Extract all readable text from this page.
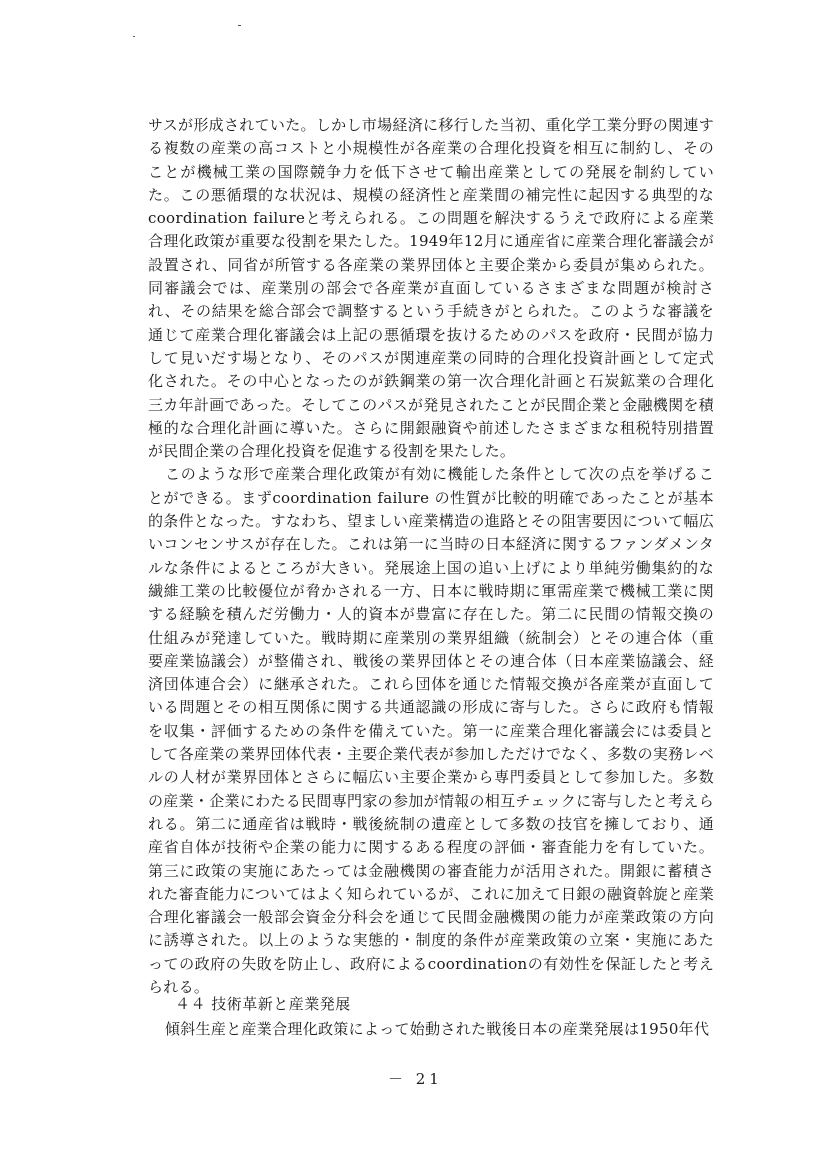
サスが形成されていた。しかし市場経済に移行した当初、重化学工業分野の関連する複数の産業の高コストと小規模性が各産業の合理化投資を相互に制約し、そのことが機械工業の国際競争力を低下させて輸出産業としての発展を制約していた。この悪循環的な状況は、規模の経済性と産業間の補完性に起因する典型的なcoordination failureと考えられる。この問題を解決するうえで政府による産業合理化政策が重要な役割を果たした。1949年12月に通産省に産業合理化審議会が設置され、同省が所管する各産業の業界団体と主要企業から委員が集められた。同審議会では、産業別の部会で各産業が直面しているさまざまな問題が検討され、その結果を総合部会で調整するという手続きがとられた。このような審議を通じて産業合理化審議会は上記の悪循環を抜けるためのパスを政府・民間が協力して見いだす場となり、そのパスが関連産業の同時的合理化投資計画として定式化された。その中心となったのが鉄鋼業の第一次合理化計画と石炭鉱業の合理化三カ年計画であった。そしてこのパスが発見されたことが民間企業と金融機関を積極的な合理化計画に導いた。さらに開銀融資や前述したさまざまな租税特別措置が民間企業の合理化投資を促進する役割を果たした。

このような形で産業合理化政策が有効に機能した条件として次の点を挙げることができる。まずcoordination failure の性質が比較的明確であったことが基本的条件となった。すなわち、望ましい産業構造の進路とその阻害要因について幅広いコンセンサスが存在した。これは第一に当時の日本経済に関するファンダメンタルな条件によるところが大きい。発展途上国の追い上げにより単純労働集約的な繊維工業の比較優位が脅かされる一方、日本に戦時期に軍需産業で機械工業に関する経験を積んだ労働力・人的資本が豊富に存在した。第二に民間の情報交換の仕組みが発達していた。戦時期に産業別の業界組織（統制会）とその連合体（重要産業協議会）が整備され、戦後の業界団体とその連合体（日本産業協議会、経済団体連合会）に継承された。これら団体を通じた情報交換が各産業が直面している問題とその相互関係に関する共通認識の形成に寄与した。さらに政府も情報を収集・評価するための条件を備えていた。第一に産業合理化審議会には委員として各産業の業界団体代表・主要企業代表が参加しただけでなく、多数の実務レベルの人材が業界団体とさらに幅広い主要企業から専門委員として参加した。多数の産業・企業にわたる民間専門家の参加が情報の相互チェックに寄与したと考えられる。第二に通産省は戦時・戦後統制の遺産として多数の技官を擁しており、通産省自体が技術や企業の能力に関するある程度の評価・審査能力を有していた。第三に政策の実施にあたっては金融機関の審査能力が活用された。開銀に蓄積された審査能力についてはよく知られているが、これに加えて日銀の融資斡旋と産業合理化審議会一般部会資金分科会を通じて民間金融機関の能力が産業政策の方向に誘導された。以上のような実態的・制度的条件が産業政策の立案・実施にあたっての政府の失敗を防止し、政府によるcoordinationの有効性を保証したと考えられる。

４４ 技術革新と産業発展

傾斜生産と産業合理化政策によって始動された戦後日本の産業発展は1950年代

－ 21
